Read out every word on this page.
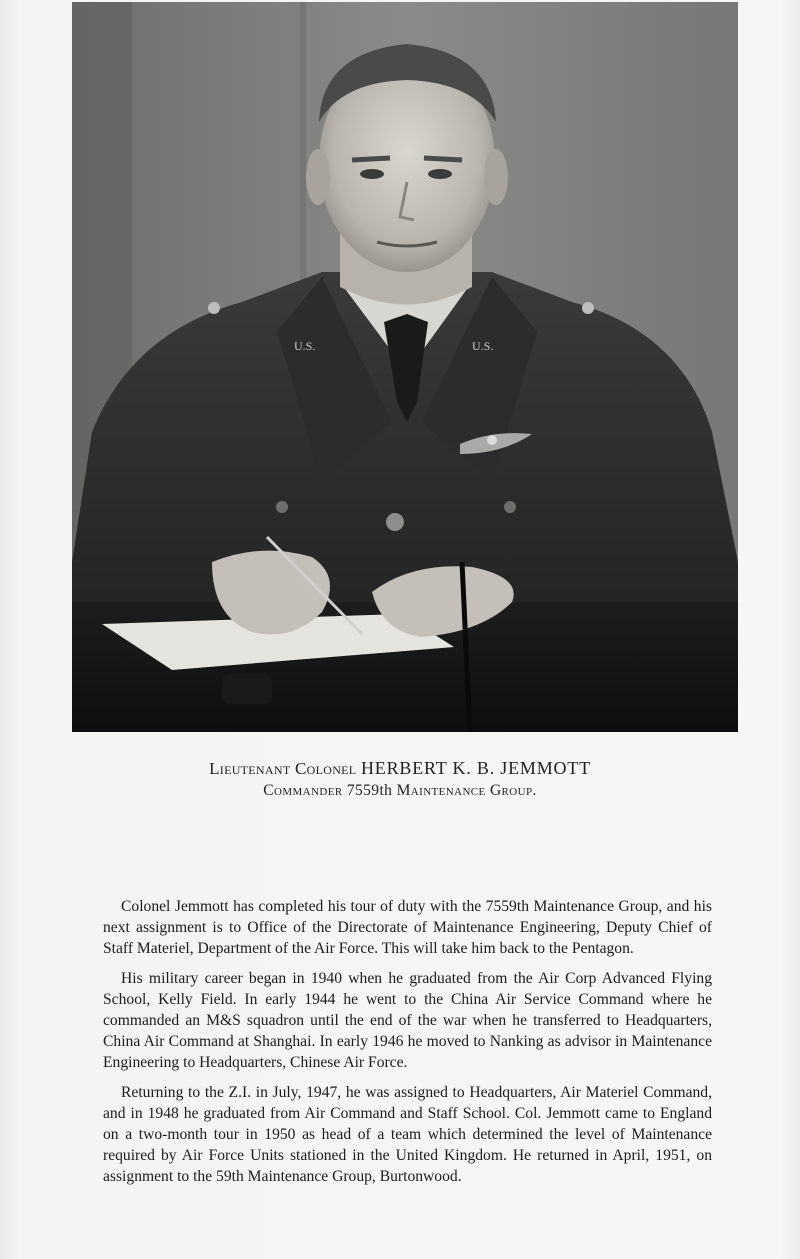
U.S.	U.S.

Lieutenant Colonel HERBERT K. B. JEMMOTT

Commander 7559th Maintenance Group.

Colonel Jemmott has completed his tour of duty with the 7559th Maintenance Group, and his next assignment is to Office of the Directorate of Maintenance Engineering, Deputy Chief of Staff Materiel, Department of the Air Force. This will take him back to the Pentagon.

His military career began in 1940 when he graduated from the Air Corp Advanced Flying School, Kelly Field. In early 1944 he went to the China Air Service Command where he commanded an M&S squadron until the end of the war when he transferred to Headquarters, China Air Command at Shanghai. In early 1946 he moved to Nanking as advisor in Maintenance Engineering to Headquarters, Chinese Air Force.

Returning to the Z.I. in July, 1947, he was assigned to Headquarters, Air Materiel Command, and in 1948 he graduated from Air Command and Staff School. Col. Jemmott came to England on a two-month tour in 1950 as head of a team which determined the level of Maintenance required by Air Force Units stationed in the United Kingdom. He returned in April, 1951, on assignment to the 59th Maintenance Group, Burtonwood.
